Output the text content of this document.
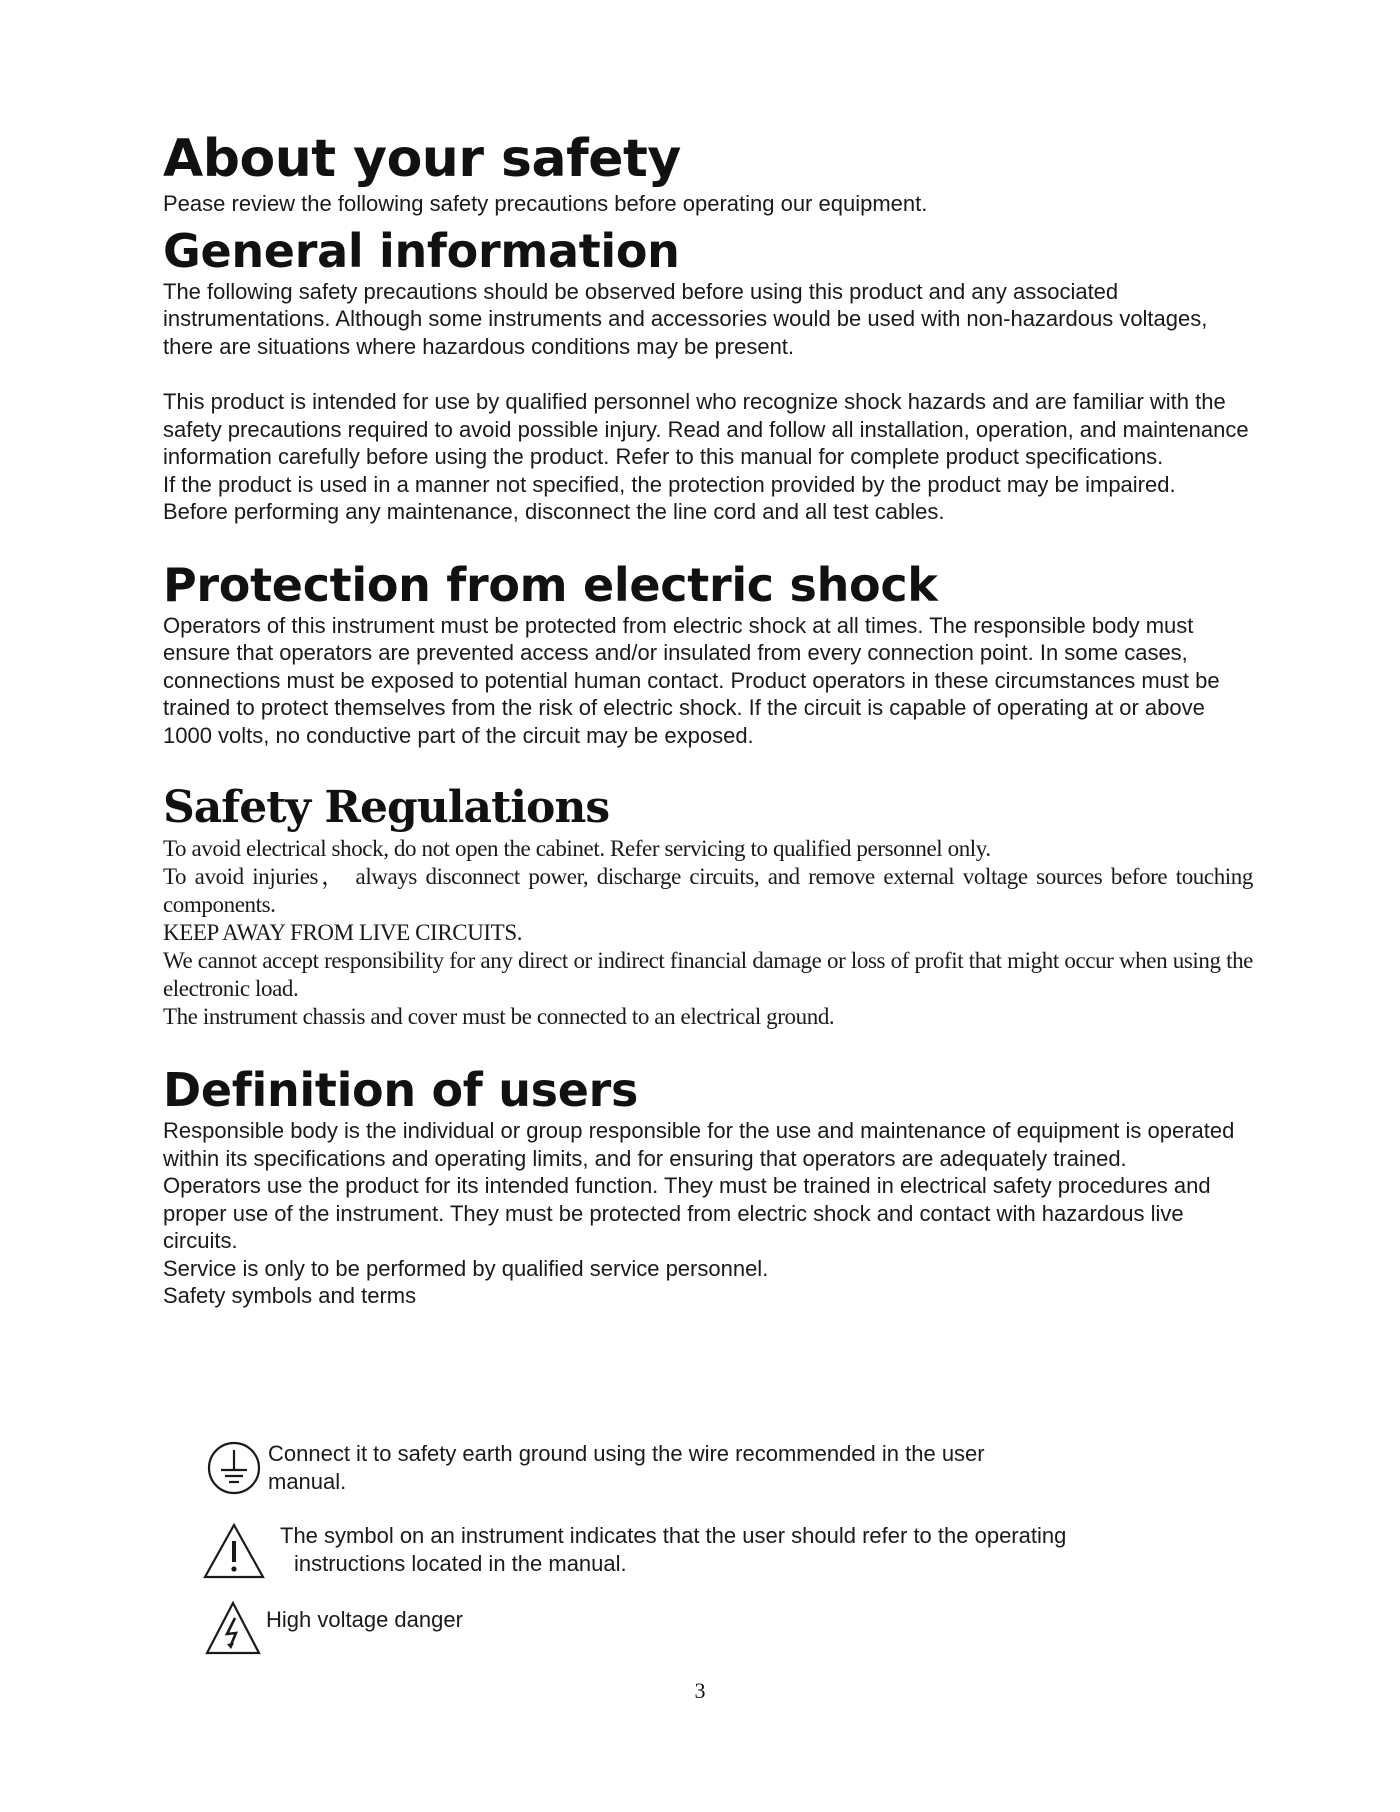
About your safety

Pease review the following safety precautions before operating our equipment.

General information

The following safety precautions should be observed before using this product and any associated instrumentations. Although some instruments and accessories would be used with non-hazardous voltages, there are situations where hazardous conditions may be present.

This product is intended for use by qualified personnel who recognize shock hazards and are familiar with the safety precautions required to avoid possible injury. Read and follow all installation, operation, and maintenance information carefully before using the product. Refer to this manual for complete product specifications.

If the product is used in a manner not specified, the protection provided by the product may be impaired.

Before performing any maintenance, disconnect the line cord and all test cables.

Protection from electric shock

Operators of this instrument must be protected from electric shock at all times. The responsible body must ensure that operators are prevented access and/or insulated from every connection point. In some cases, connections must be exposed to potential human contact. Product operators in these circumstances must be trained to protect themselves from the risk of electric shock. If the circuit is capable of operating at or above 1000 volts, no conductive part of the circuit may be exposed.

Safety Regulations

To avoid electrical shock, do not open the cabinet. Refer servicing to qualified personnel only.

To avoid injuries， always disconnect power, discharge circuits, and remove external voltage sources before touching components.

KEEP AWAY FROM LIVE CIRCUITS.

We cannot accept responsibility for any direct or indirect financial damage or loss of profit that might occur when using the electronic load.

The instrument chassis and cover must be connected to an electrical ground.

Definition of users

Responsible body is the individual or group responsible for the use and maintenance of equipment is operated within its specifications and operating limits, and for ensuring that operators are adequately trained.

Operators use the product for its intended function. They must be trained in electrical safety procedures and proper use of the instrument. They must be protected from electric shock and contact with hazardous live circuits.

Service is only to be performed by qualified service personnel.

Safety symbols and terms

Connect it to safety earth ground using the wire recommended in the user manual.

The symbol on an instrument indicates that the user should refer to the operating

instructions located in the manual.

High voltage danger

3
